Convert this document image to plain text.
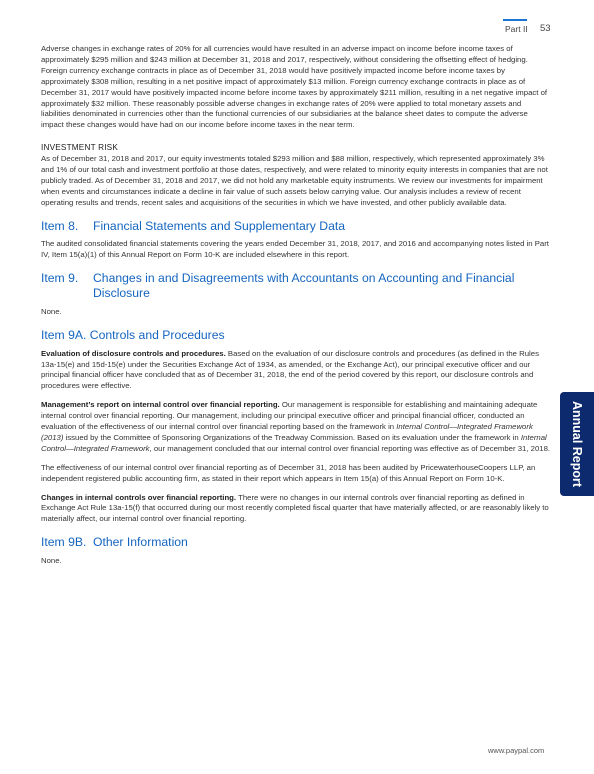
Part II 53

Adverse changes in exchange rates of 20% for all currencies would have resulted in an adverse impact on income before income taxes of approximately $295 million and $243 million at December 31, 2018 and 2017, respectively, without considering the offsetting effect of hedging. Foreign currency exchange contracts in place as of December 31, 2018 would have positively impacted income before income taxes by approximately $308 million, resulting in a net positive impact of approximately $13 million. Foreign currency exchange contracts in place as of December 31, 2017 would have positively impacted income before income taxes by approximately $211 million, resulting in a net negative impact of approximately $32 million. These reasonably possible adverse changes in exchange rates of 20% were applied to total monetary assets and liabilities denominated in currencies other than the functional currencies of our subsidiaries at the balance sheet dates to compute the adverse impact these changes would have had on our income before income taxes in the near term.

INVESTMENT RISK

As of December 31, 2018 and 2017, our equity investments totaled $293 million and $88 million, respectively, which represented approximately 3% and 1% of our total cash and investment portfolio at those dates, respectively, and were related to minority equity interests in companies that are not publicly traded. As of December 31, 2018 and 2017, we did not hold any marketable equity instruments. We review our investments for impairment when events and circumstances indicate a decline in fair value of such assets below carrying value. Our analysis includes a review of recent operating results and trends, recent sales and acquisitions of the securities in which we have invested, and other publicly available data.

Item 8.	Financial Statements and Supplementary Data

The audited consolidated financial statements covering the years ended December 31, 2018, 2017, and 2016 and accompanying notes listed in Part IV, Item 15(a)(1) of this Annual Report on Form 10-K are included elsewhere in this report.

Item 9.	Changes in and Disagreements with Accountants on Accounting and Financial Disclosure

None.

Item 9A. Controls and Procedures

Evaluation of disclosure controls and procedures. Based on the evaluation of our disclosure controls and procedures (as defined in the Rules 13a-15(e) and 15d-15(e) under the Securities Exchange Act of 1934, as amended, or the Exchange Act), our principal executive officer and our principal financial officer have concluded that as of December 31, 2018, the end of the period covered by this report, our disclosure controls and procedures were effective.

Management’s report on internal control over financial reporting. Our management is responsible for establishing and maintaining adequate internal control over financial reporting. Our management, including our principal executive officer and principal financial officer, conducted an evaluation of the effectiveness of our internal control over financial reporting based on the framework in Internal Control—Integrated Framework (2013) issued by the Committee of Sponsoring Organizations of the Treadway Commission. Based on its evaluation under the framework in Internal Control—Integrated Framework, our management concluded that our internal control over financial reporting was effective as of December 31, 2018.

The effectiveness of our internal control over financial reporting as of December 31, 2018 has been audited by PricewaterhouseCoopers LLP, an independent registered public accounting firm, as stated in their report which appears in Item 15(a) of this Annual Report on Form 10-K.

Changes in internal controls over financial reporting. There were no changes in our internal controls over financial reporting as defined in Exchange Act Rule 13a-15(f) that occurred during our most recently completed fiscal quarter that have materially affected, or are reasonably likely to materially affect, our internal control over financial reporting.

Item 9B. Other Information

None.

Annual Report
www.paypal.com
